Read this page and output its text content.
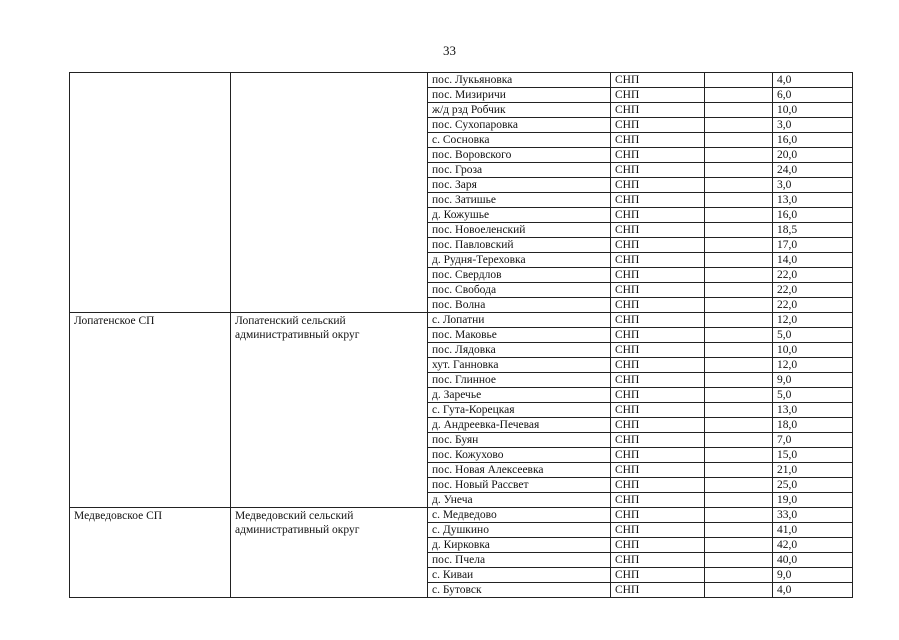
33
		пос. Лукьяновка	СНП		4,0
		пос. Мизиричи	СНП		6,0
		ж/д рзд Робчик	СНП		10,0
		пос. Сухопаровка	СНП		3,0
		с. Сосновка	СНП		16,0
		пос. Воровского	СНП		20,0
		пос. Гроза	СНП		24,0
		пос. Заря	СНП		3,0
		пос. Затишье	СНП		13,0
		д. Кожушье	СНП		16,0
		пос. Новоеленский	СНП		18,5
		пос. Павловский	СНП		17,0
		д. Рудня-Тереховка	СНП		14,0
		пос. Свердлов	СНП		22,0
		пос. Свобода	СНП		22,0
		пос. Волна	СНП		22,0
Лопатенское СП	Лопатенский сельский административный округ	с. Лопатни	СНП		12,0
		пос. Маковье	СНП		5,0
		пос. Лядовка	СНП		10,0
		хут. Ганновка	СНП		12,0
		пос. Глинное	СНП		9,0
		д. Заречье	СНП		5,0
		с. Гута-Корецкая	СНП		13,0
		д. Андреевка-Печевая	СНП		18,0
		пос. Буян	СНП		7,0
		пос. Кожухово	СНП		15,0
		пос. Новая Алексеевка	СНП		21,0
		пос. Новый Рассвет	СНП		25,0
		д. Унеча	СНП		19,0
Медведовское СП	Медведовский сельский административный округ	с. Медведово	СНП		33,0
		с. Душкино	СНП		41,0
		д. Кирковка	СНП		42,0
		пос. Пчела	СНП		40,0
		с. Киваи	СНП		9,0
		с. Бутовск	СНП		4,0
